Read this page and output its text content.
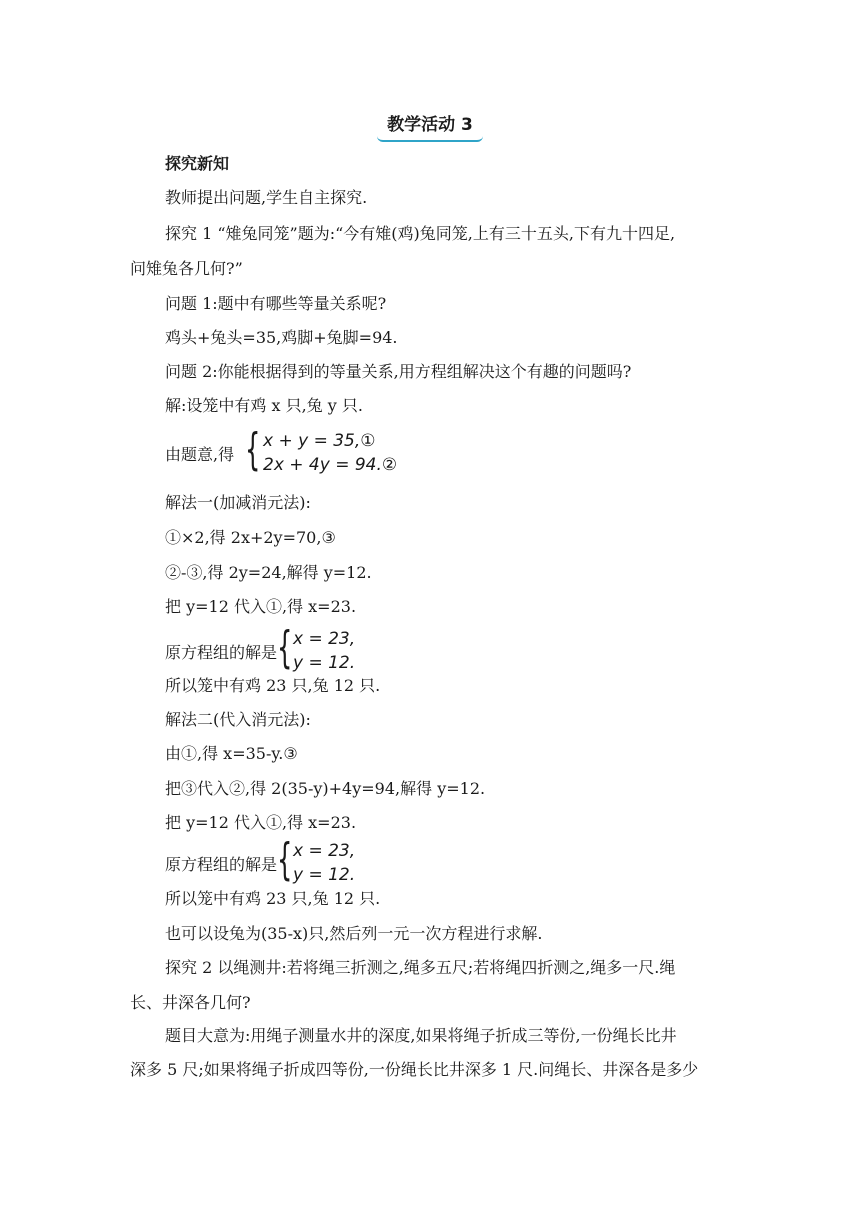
教学活动 3
探究新知
教师提出问题,学生自主探究.
探究 1 “雉兔同笼”题为:“今有雉(鸡)兔同笼,上有三十五头,下有九十四足,
问雉兔各几何?”
问题 1:题中有哪些等量关系呢?
鸡头+兔头=35,鸡脚+兔脚=94.
问题 2:你能根据得到的等量关系,用方程组解决这个有趣的问题吗?
解:设笼中有鸡 x 只,兔 y 只.
由题意,得 { x + y = 35,①
2x + 4y = 94.②
解法一(加减消元法):
①×2,得 2x+2y=70,③
②-③,得 2y=24,解得 y=12.
把 y=12 代入①,得 x=23.
原方程组的解是 { x = 23,
y = 12.
所以笼中有鸡 23 只,兔 12 只.
解法二(代入消元法):
由①,得 x=35-y.③
把③代入②,得 2(35-y)+4y=94,解得 y=12.
把 y=12 代入①,得 x=23.
原方程组的解是 { x = 23,
y = 12.
所以笼中有鸡 23 只,兔 12 只.
也可以设兔为(35-x)只,然后列一元一次方程进行求解.
探究 2 以绳测井:若将绳三折测之,绳多五尺;若将绳四折测之,绳多一尺.绳
长、井深各几何?
题目大意为:用绳子测量水井的深度,如果将绳子折成三等份,一份绳长比井
深多 5 尺;如果将绳子折成四等份,一份绳长比井深多 1 尺.问绳长、井深各是多少
